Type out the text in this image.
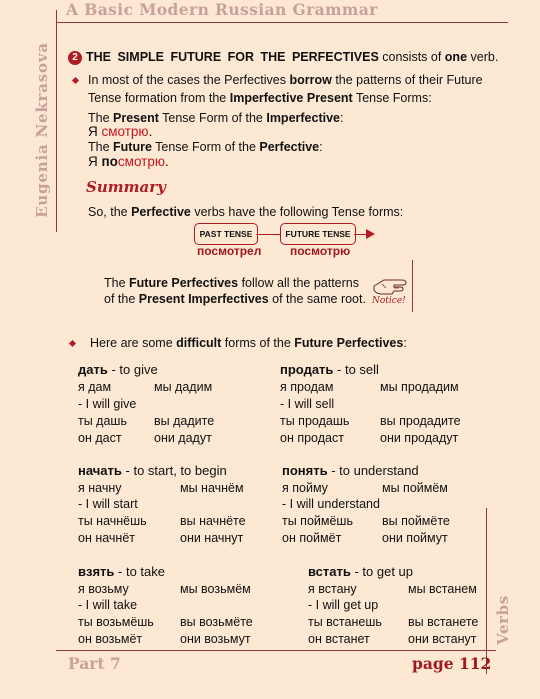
A Basic Modern Russian Grammar
Eugenia Nekrasova	2 THE SIMPLE FUTURE FOR THE PERFECTIVES consists of one verb.
In most of the cases the Perfectives borrow the patterns of their Future
Tense formation from the Imperfective Present Tense Forms:
The Present Tense Form of the Imperfective:
Я смотрю.
The Future Tense Form of the Perfective:
Я посмотрю.
Summary
So, the Perfective verbs have the following Tense forms:
PAST TENSE	FUTURE TENSE
посмотрел посмотрю
The Future Perfectives follow all the patterns
of the Present Imperfectives of the same root. Notice!
Here are some difficult forms of the Future Perfectives:
дать - to give
я дам	мы дадим
- I will give
ты дашь вы дадите
он даст	они дадут
продать - to sell
я продам	мы продадим
- I will sell
ты продашь вы продадите
он продаст	они продадут
начать - to start, to begin
я начну	мы начнём
- I will start
ты начнёшь	вы начнёте
он начнёт	они начнут
понять - to understand
я пойму	мы поймём
- I will understand
ты поймёшь вы поймёте
он поймёт	они поймут
взять - to take
я возьму	мы возьмём
- I will take
ты возьмёшь вы возьмёте
он возьмёт	они возьмут
встать - to get up
я встану	мы встанем
- I will get up
ты встанешь вы встанете
он встанет	они встанут Verbs
Part 7	page 112
